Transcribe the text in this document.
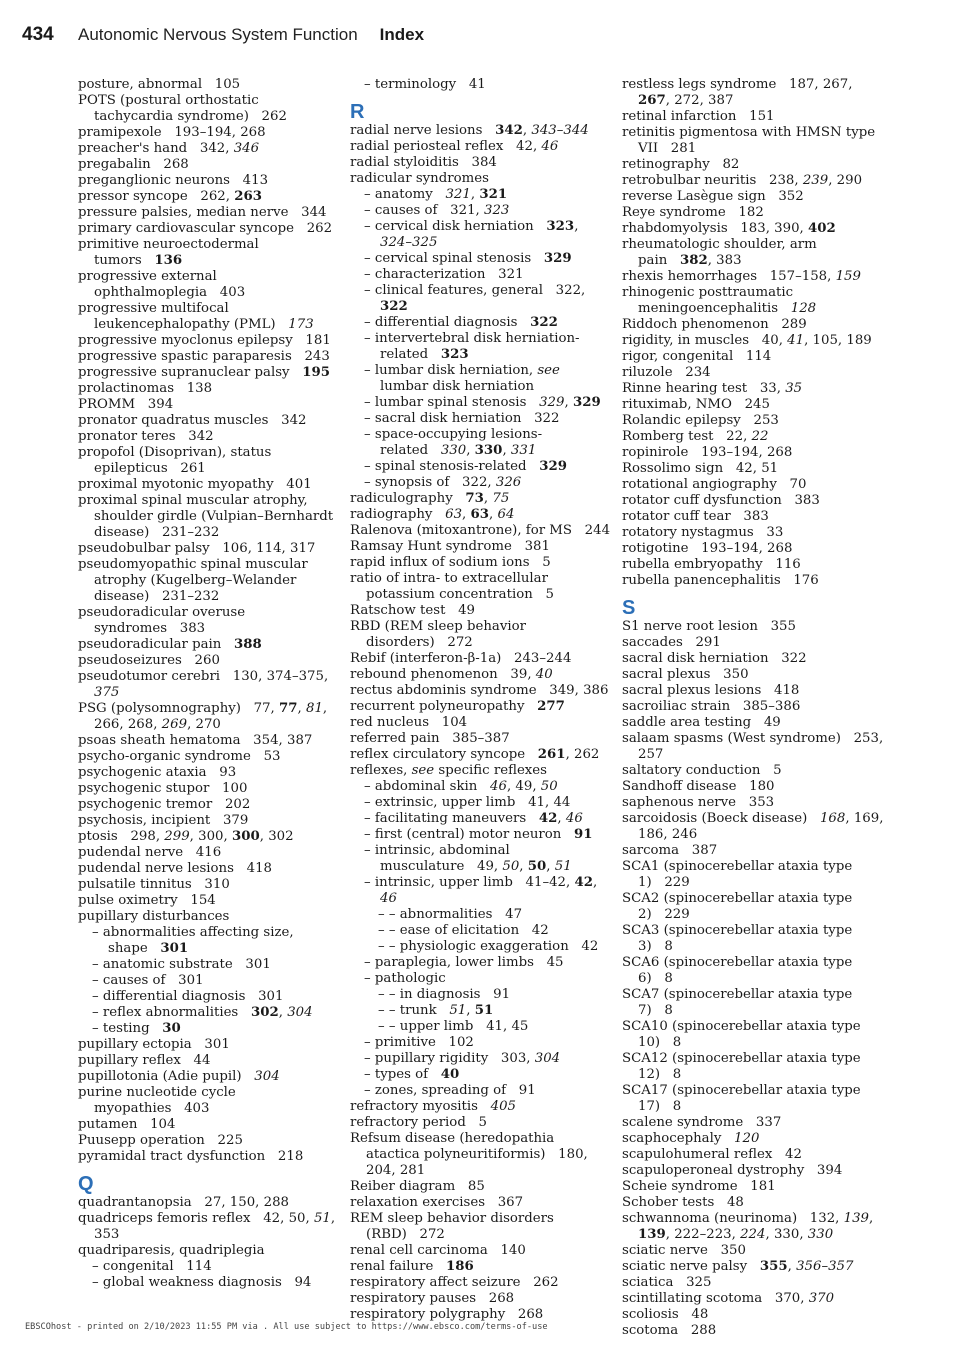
434	Autonomic Nervous System Function Index
posture, abnormal   105
POTS (postural orthostatic tachycardia syndrome)   262
pramipexole   193–194, 268
preacher's hand   342, 346
pregabalin   268
preganglionic neurons   413
pressor syncope   262, 263
pressure palsies, median nerve   344
primary cardiovascular syncope   262
primitive neuroectodermal tumors   136
progressive external ophthalmoplegia   403
progressive multifocal leukencephalopathy (PML)   173
progressive myoclonus epilepsy   181
progressive spastic paraparesis   243
progressive supranuclear palsy   195
prolactinomas   138
PROMM   394
pronator quadratus muscles   342
pronator teres   342
propofol (Disoprivan), status epilepticus   261
proximal myotonic myopathy   401
proximal spinal muscular atrophy, shoulder girdle (Vulpian–Bernhardt disease)   231–232
pseudobulbar palsy   106, 114, 317
pseudomyopathic spinal muscular atrophy (Kugelberg–Welander disease)   231–232
pseudoradicular overuse syndromes   383
pseudoradicular pain   388
pseudoseizures   260
pseudotumor cerebri   130, 374–375, 375
PSG (polysomnography)   77, 77, 81, 266, 268, 269, 270
psoas sheath hematoma   354, 387
psycho-organic syndrome   53
psychogenic ataxia   93
psychogenic stupor   100
psychogenic tremor   202
psychosis, incipient   379
ptosis   298, 299, 300, 300, 302
pudendal nerve   416
pudendal nerve lesions   418
pulsatile tinnitus   310
pulse oximetry   154
pupillary disturbances
– abnormalities affecting size, shape   301
– anatomic substrate   301
– causes of   301
– differential diagnosis   301
– reflex abnormalities   302, 304
– testing   30
pupillary ectopia   301
pupillary reflex   44
pupillotonia (Adie pupil)   304
purine nucleotide cycle myopathies   403
putamen   104
Puusepp operation   225
pyramidal tract dysfunction   218
Q
quadrantanopsia   27, 150, 288
quadriceps femoris reflex   42, 50, 51, 353
quadriparesis, quadriplegia
– congenital   114
– global weakness diagnosis   94
– terminology   41
R
radial nerve lesions   342, 343–344
radial periosteal reflex   42, 46
radial styloiditis   384
radicular syndromes
– anatomy   321, 321
– causes of   321, 323
– cervical disk herniation   323, 324–325
– cervical spinal stenosis   329
– characterization   321
– clinical features, general   322, 322
– differential diagnosis   322
– intervertebral disk herniation-related   323
– lumbar disk herniation, see lumbar disk herniation
– lumbar spinal stenosis   329, 329
– sacral disk herniation   322
– space-occupying lesions-related   330, 330, 331
– spinal stenosis-related   329
– synopsis of   322, 326
radiculography   73, 75
radiography   63, 63, 64
Ralenova (mitoxantrone), for MS   244
Ramsay Hunt syndrome   381
rapid influx of sodium ions   5
ratio of intra- to extracellular potassium concentration   5
Ratschow test   49
RBD (REM sleep behavior disorders)   272
Rebif (interferon-β-1a)   243–244
rebound phenomenon   39, 40
rectus abdominis syndrome   349, 386
recurrent polyneuropathy   277
red nucleus   104
referred pain   385–387
reflex circulatory syncope   261, 262
reflexes, see specific reflexes
– abdominal skin   46, 49, 50
– extrinsic, upper limb   41, 44
– facilitating maneuvers   42, 46
– first (central) motor neuron   91
– intrinsic, abdominal musculature   49, 50, 50, 51
– intrinsic, upper limb   41–42, 42, 46
– – abnormalities   47
– – ease of elicitation   42
– – physiologic exaggeration   42
– paraplegia, lower limbs   45
– pathologic
– – in diagnosis   91
– – trunk   51, 51
– – upper limb   41, 45
– primitive   102
– pupillary rigidity   303, 304
– types of   40
– zones, spreading of   91
refractory myositis   405
refractory period   5
Refsum disease (heredopathia atactica polyneuritiformis)   180, 204, 281
Reiber diagram   85
relaxation exercises   367
REM sleep behavior disorders (RBD)   272
renal cell carcinoma   140
renal failure   186
respiratory affect seizure   262
respiratory pauses   268
respiratory polygraphy   268
restless legs syndrome   187, 267, 267, 272, 387
retinal infarction   151
retinitis pigmentosa with HMSN type VII   281
retinography   82
retrobulbar neuritis   238, 239, 290
reverse Lasègue sign   352
Reye syndrome   182
rhabdomyolysis   183, 390, 402
rheumatologic shoulder, arm pain   382, 383
rhexis hemorrhages   157–158, 159
rhinogenic posttraumatic meningoencephalitis   128
Riddoch phenomenon   289
rigidity, in muscles   40, 41, 105, 189
rigor, congenital   114
riluzole   234
Rinne hearing test   33, 35
rituximab, NMO   245
Rolandic epilepsy   253
Romberg test   22, 22
ropinirole   193–194, 268
Rossolimo sign   42, 51
rotational angiography   70
rotator cuff dysfunction   383
rotator cuff tear   383
rotatory nystagmus   33
rotigotine   193–194, 268
rubella embryopathy   116
rubella panencephalitis   176
S
S1 nerve root lesion   355
saccades   291
sacral disk herniation   322
sacral plexus   350
sacral plexus lesions   418
sacroiliac strain   385–386
saddle area testing   49
salaam spasms (West syndrome)   253, 257
saltatory conduction   5
Sandhoff disease   180
saphenous nerve   353
sarcoidosis (Boeck disease)   168, 169, 186, 246
sarcoma   387
SCA1 (spinocerebellar ataxia type 1)   229
SCA2 (spinocerebellar ataxia type 2)   229
SCA3 (spinocerebellar ataxia type 3)   8
SCA6 (spinocerebellar ataxia type 6)   8
SCA7 (spinocerebellar ataxia type 7)   8
SCA10 (spinocerebellar ataxia type 10)   8
SCA12 (spinocerebellar ataxia type 12)   8
SCA17 (spinocerebellar ataxia type 17)   8
scalene syndrome   337
scaphocephaly   120
scapulohumeral reflex   42
scapuloperoneal dystrophy   394
Scheie syndrome   181
Schober tests   48
schwannoma (neurinoma)   132, 139, 139, 222–223, 224, 330, 330
sciatic nerve   350
sciatic nerve palsy   355, 356–357
sciatica   325
scintillating scotoma   370, 370
scoliosis   48
scotoma   288
EBSCOhost - printed on 2/10/2023 11:55 PM via . All use subject to https://www.ebsco.com/terms-of-use
